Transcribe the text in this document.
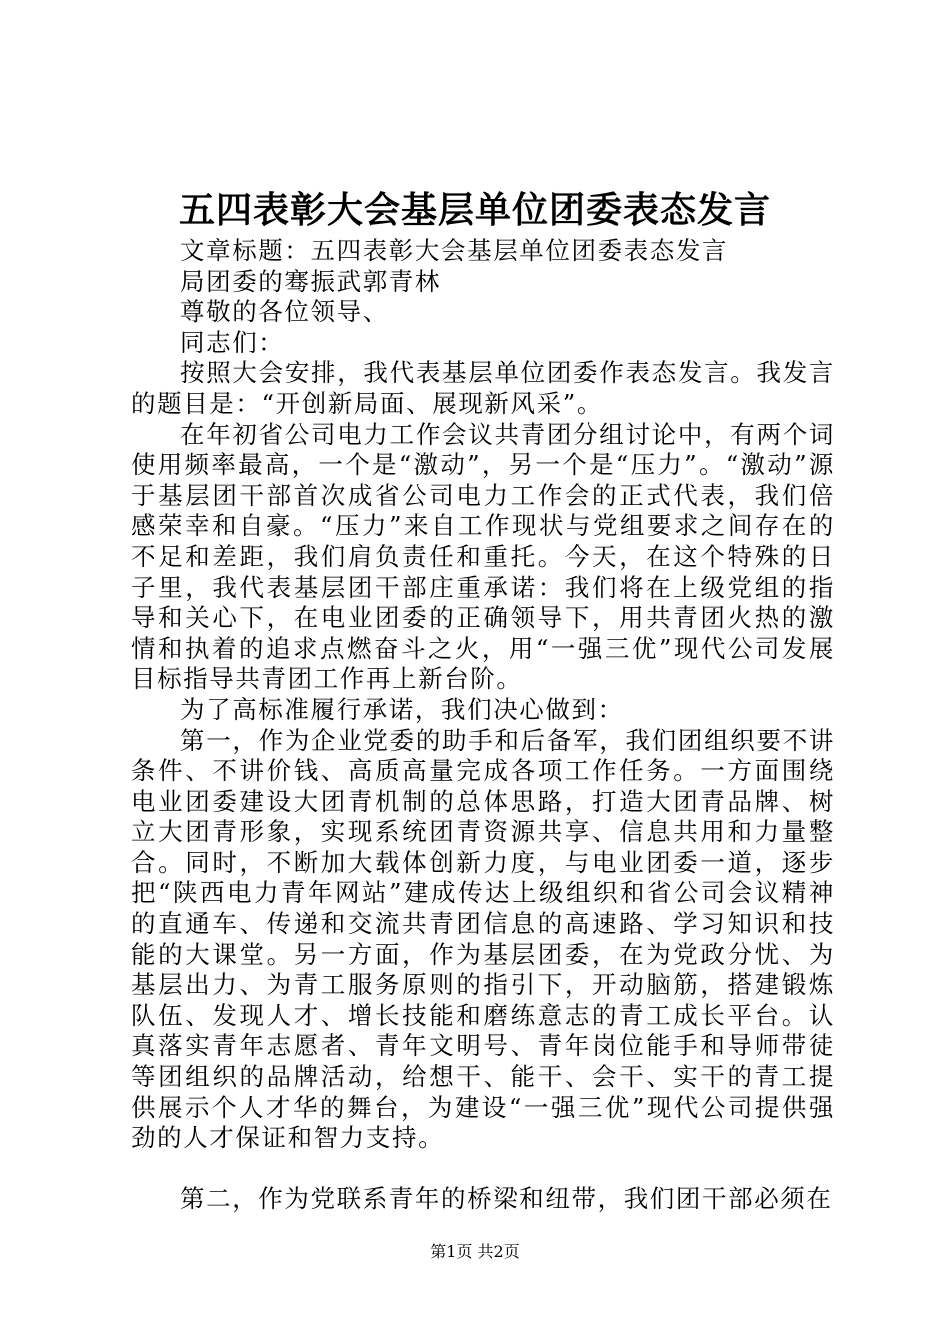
五四表彰大会基层单位团委表态发言

文章标题：五四表彰大会基层单位团委表态发言

局团委的骞振武郭青林

尊敬的各位领导、

同志们：

按照大会安排，我代表基层单位团委作表态发言。我发言的题目是：“开创新局面、展现新风采”。

在年初省公司电力工作会议共青团分组讨论中，有两个词使用频率最高，一个是“激动”，另一个是“压力”。“激动”源于基层团干部首次成省公司电力工作会的正式代表，我们倍感荣幸和自豪。“压力”来自工作现状与党组要求之间存在的不足和差距，我们肩负责任和重托。今天，在这个特殊的日子里，我代表基层团干部庄重承诺：我们将在上级党组的指导和关心下，在电业团委的正确领导下，用共青团火热的激情和执着的追求点燃奋斗之火，用“一强三优”现代公司发展目标指导共青团工作再上新台阶。

为了高标准履行承诺，我们决心做到：

第一，作为企业党委的助手和后备军，我们团组织要不讲条件、不讲价钱、高质高量完成各项工作任务。一方面围绕电业团委建设大团青机制的总体思路，打造大团青品牌、树立大团青形象，实现系统团青资源共享、信息共用和力量整合。同时，不断加大载体创新力度，与电业团委一道，逐步把“陕西电力青年网站”建成传达上级组织和省公司会议精神的直通车、传递和交流共青团信息的高速路、学习知识和技能的大课堂。另一方面，作为基层团委，在为党政分忧、为基层出力、为青工服务原则的指引下，开动脑筋，搭建锻炼队伍、发现人才、增长技能和磨练意志的青工成长平台。认真落实青年志愿者、青年文明号、青年岗位能手和导师带徒等团组织的品牌活动，给想干、能干、会干、实干的青工提供展示个人才华的舞台，为建设“一强三优”现代公司提供强劲的人才保证和智力支持。

第二，作为党联系青年的桥梁和纽带，我们团干部必须在

第1页 共2页
